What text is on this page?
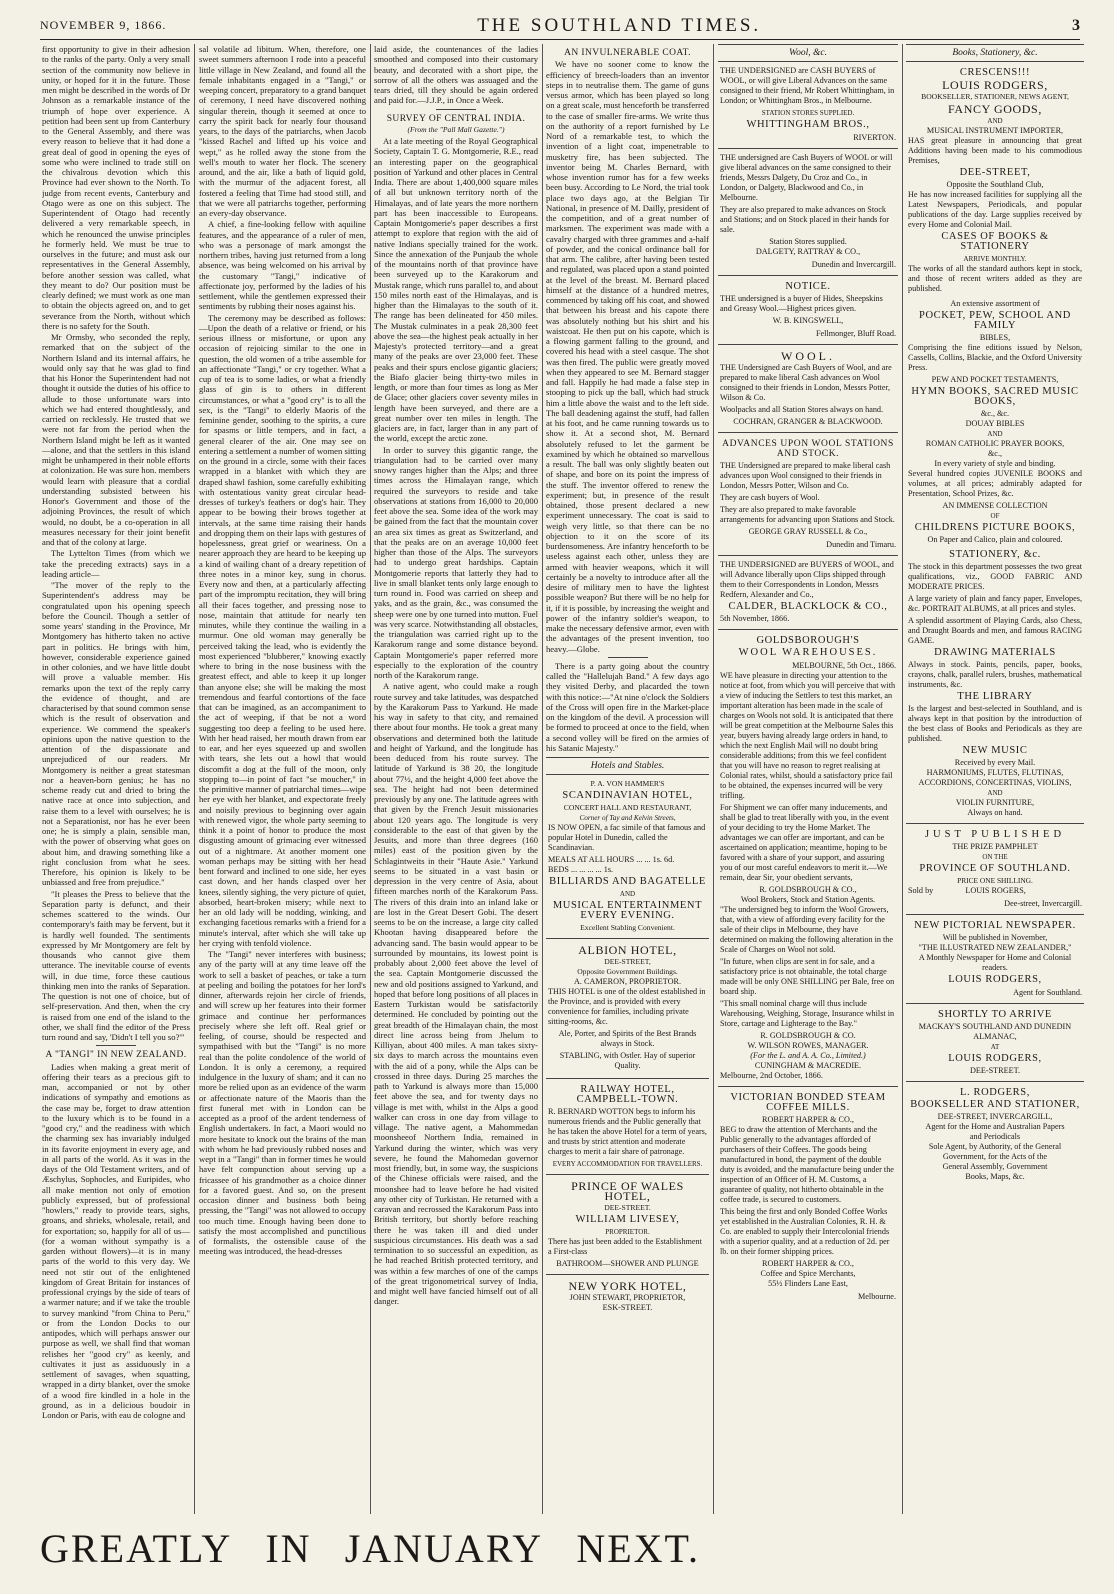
NOVEMBER 9, 1866.	THE SOUTHLAND TIMES.	3

first opportunity to give in their adhesion to the ranks of the party. Only a very small section of the community now believe in unity, or hoped for it in the future. Those men might be described in the words of Dr Johnson as a remarkable instance of the triumph of hope over experience. A petition had been sent up from Canterbury to the General Assembly, and there was every reason to believe that it had done a great deal of good in opening the eyes of some who were inclined to trade still on the chivalrous devotion which this Province had ever shown to the North. To judge from recent events, Canterbury and Otago were as one on this subject. The Superintendent of Otago had recently delivered a very remarkable speech, in which he renounced the unwise principles he formerly held. We must be true to ourselves in the future; and must ask our representatives in the General Assembly, before another session was called, what they meant to do? Our position must be clearly defined; we must work as one man to obtain the objects agreed on, and to get severance from the North, without which there is no safety for the South.

Mr Ormsby, who seconded the reply, remarked that on the subject of the Northern Island and its internal affairs, he would only say that he was glad to find that his Honor the Superintendent had not thought it outside the duties of his office to allude to those unfortunate wars into which we had entered thoughtlessly, and carried on recklessly. He trusted that we were not far from the period when the Northern Island might be left as it wanted—alone, and that the settlers in this island might be unhampered in their noble efforts at colonization. He was sure hon. members would learn with pleasure that a cordial understanding subsisted between his Honor's Government and those of the adjoining Provinces, the result of which would, no doubt, be a co-operation in all measures necessary for their joint benefit and that of the colony at large.

The Lyttelton Times (from which we take the preceding extracts) says in a leading article—

"The mover of the reply to the Superintendent's address may be congratulated upon his opening speech before the Council. Though a settler of some years' standing in the Province, Mr Montgomery has hitherto taken no active part in politics. He brings with him, however, considerable experience gained in other colonies, and we have little doubt will prove a valuable member. His remarks upon the text of the reply carry the evidence of thought, and are characterised by that sound common sense which is the result of observation and experience. We commend the speaker's opinions upon the native question to the attention of the dispassionate and unprejudiced of our readers. Mr Montgomery is neither a great statesman nor a heaven-born genius; he has no scheme ready cut and dried to bring the native race at once into subjection, and raise them to a level with ourselves; he is not a Separationist, nor has he ever been one; he is simply a plain, sensible man, with the power of observing what goes on about him, and drawing something like a right conclusion from what he sees. Therefore, his opinion is likely to be unbiassed and free from prejudice."

"It pleases the Press to believe that the Separation party is defunct, and their schemes scattered to the winds. Our contemporary's faith may be fervent, but it is hardly well founded. The sentiments expressed by Mr Montgomery are felt by thousands who cannot give them utterance. The inevitable course of events will, in due time, force these cautious thinking men into the ranks of Separation. The question is not one of choice, but of self-preservation. And then, when the cry is raised from one end of the island to the other, we shall find the editor of the Press turn round and say, 'Didn't I tell you so?'"

A "TANGI" IN NEW ZEALAND.

Ladies when making a great merit of offering their tears as a precious gift to man, accompanied or not by other indications of sympathy and emotions as the case may be, forget to draw attention to the luxury which is to be found in a "good cry," and the readiness with which the charming sex has invariably indulged in its favorite enjoyment in every age, and in all parts of the world. As it was in the days of the Old Testament writers, and of Æschylus, Sophocles, and Euripides, who all make mention not only of emotion publicly expressed, but of professional "howlers," ready to provide tears, sighs, groans, and shrieks, wholesale, retail, and for exportation; so, happily for all of us—(for a woman without sympathy is a garden without flowers)—it is in many parts of the world to this very day. We need not stir out of the enlightened kingdom of Great Britain for instances of professional cryings by the side of tears of a warmer nature; and if we take the trouble to survey mankind "from China to Peru," or from the London Docks to our antipodes, which will perhaps answer our purpose as well, we shall find that woman relishes her "good cry" as keenly, and cultivates it just as assiduously in a settlement of savages, when squatting, wrapped in a dirty blanket, over the smoke of a wood fire kindled in a hole in the ground, as in a delicious boudoir in London or Paris, with eau de cologne and

sal volatile ad libitum. When, therefore, one sweet summers afternoon I rode into a peaceful little village in New Zealand, and found all the female inhabitants engaged in a "Tangi," or weeping concert, preparatory to a grand banquet of ceremony, I need have discovered nothing singular therein, though it seemed at once to carry the spirit back for nearly four thousand years, to the days of the patriarchs, when Jacob "kissed Rachel and lifted up his voice and wept," as he rolled away the stone from the well's mouth to water her flock. The scenery around, and the air, like a bath of liquid gold, with the murmur of the adjacent forest, all fostered a feeling that Time had stood still, and that we were all patriarchs together, performing an every-day observance.

A chief, a fine-looking fellow with aquiline features, and the appearance of a ruler of men, who was a personage of mark amongst the northern tribes, having just returned from a long absence, was being welcomed on his arrival by the customary "Tangi," indicative of affectionate joy, performed by the ladies of his settlement, while the gentlemen expressed their sentiments by rubbing their noses against his.

The ceremony may be described as follows:—Upon the death of a relative or friend, or his serious illness or misfortune, or upon any occasion of rejoicing similar to the one in question, the old women of a tribe assemble for an affectionate "Tangi," or cry together. What a cup of tea is to some ladies, or what a friendly glass of gin is to others in different circumstances, or what a "good cry" is to all the sex, is the "Tangi" to elderly Maoris of the feminine gender, soothing to the spirits, a cure for spasms or little tempers, and in fact, a general clearer of the air. One may see on entering a settlement a number of women sitting on the ground in a circle, some with their faces wrapped in a blanket with which they are draped shawl fashion, some carefully exhibiting with ostentatious vanity great circular head-dresses of turkey's feathers or dog's hair. They appear to be bowing their brows together at intervals, at the same time raising their hands and dropping them on their laps with gestures of hopelessness, great grief or weariness. On a nearer approach they are heard to be keeping up a kind of wailing chant of a dreary repetition of three notes in a minor key, sung in chorus. Every now and then, at a particularly affecting part of the impromptu recitation, they will bring all their faces together, and pressing nose to nose, maintain that attitude for nearly ten minutes, while they continue the wailing in a murmur. One old woman may generally be perceived taking the lead, who is evidently the most experienced "blubberer," knowing exactly where to bring in the nose business with the greatest effect, and able to keep it up longer than anyone else; she will be making the most tremendous and fearful contortions of the face that can be imagined, as an accompaniment to the act of weeping, if that be not a word suggesting too deep a feeling to be used here. With her head raised, her mouth drawn from ear to ear, and her eyes squeezed up and swollen with tears, she lets out a howl that would discomfit a dog at the full of the moon, only stopping to—in point of fact "se moucher," in the primitive manner of patriarchal times—wipe her eye with her blanket, and expectorate freely and noisily previous to beginning over again with renewed vigor, the whole party seeming to think it a point of honor to produce the most disgusting amount of grimacing ever witnessed out of a nightmare. At another moment one woman perhaps may be sitting with her head bent forward and inclined to one side, her eyes cast down, and her hands clasped over her knees, silently sighing, the very picture of quiet, absorbed, heart-broken misery; while next to her an old lady will be nodding, winking, and exchanging facetious remarks with a friend for a minute's interval, after which she will take up her crying with tenfold violence.

The "Tangi" never interferes with business; any of the party will at any time leave off the work to sell a basket of peaches, or take a turn at peeling and boiling the potatoes for her lord's dinner, afterwards rejoin her circle of friends, and will screw up her features into their former grimace and continue her performances precisely where she left off. Real grief or feeling, of course, should be respected and sympathised with but the "Tangi" is no more real than the polite condolence of the world of London. It is only a ceremony, a required indulgence in the luxury of sham; and it can no more be relied upon as an evidence of the warm or affectionate nature of the Maoris than the first funeral met with in London can be accepted as a proof of the ardent tenderness of English undertakers. In fact, a Maori would no more hesitate to knock out the brains of the man with whom he had previously rubbed noses and wept in a "Tangi" than in former times he would have felt compunction about serving up a fricassee of his grandmother as a choice dinner for a favored guest. And so, on the present occasion dinner and business both being pressing, the "Tangi" was not allowed to occupy too much time. Enough having been done to satisfy the most accomplished and punctilious of formalists, the ostensible cause of the meeting was introduced, the head-dresses

laid aside, the countenances of the ladies smoothed and composed into their customary beauty, and decorated with a short pipe, the sorrow of all the others was assuaged and the tears dried, till they should be again ordered and paid for.—J.J.P., in Once a Week.

SURVEY OF CENTRAL INDIA.

(From the "Pall Mall Gazette.")

At a late meeting of the Royal Geographical Society, Captain T. G. Montgomerie, R.E., read an interesting paper on the geographical position of Yarkund and other places in Central India. There are about 1,400,000 square miles of all but unknown territory north of the Himalayas, and of late years the more northern part has been inaccessible to Europeans. Captain Montgomerie's paper describes a first attempt to explore that region with the aid of native Indians specially trained for the work. Since the annexation of the Punjaub the whole of the mountains north of that province have been surveyed up to the Karakorum and Mustak range, which runs parallel to, and about 150 miles north east of the Himalayas, and is higher than the Himalayas to the south of it. The range has been delineated for 450 miles. The Mustak culminates in a peak 28,300 feet above the sea—the highest peak actually in her Majesty's protected territory—and a great many of the peaks are over 23,000 feet. These peaks and their spurs enclose gigantic glaciers; the Biafo glacier being thirty-two miles in length, or more than four times as long as Mer de Glace; other glaciers cover seventy miles in length have been surveyed, and there are a great number over ten miles in length. The glaciers are, in fact, larger than in any part of the world, except the arctic zone.

In order to survey this gigantic range, the triangulation had to be carried over many snowy ranges higher than the Alps; and three times across the Himalayan range, which required the surveyors to reside and take observations at stations from 16,000 to 20,000 feet above the sea. Some idea of the work may be gained from the fact that the mountain cover an area six times as great as Switzerland, and that the peaks are on an average 10,000 feet higher than those of the Alps. The surveyors had to undergo great hardships. Captain Montgomerie reports that latterly they had to live in small blanket tents only large enough to turn round in. Food was carried on sheep and yaks, and as the grain, &c., was consumed the sheep were one by one turned into mutton. Fuel was very scarce. Notwithstanding all obstacles, the triangulation was carried right up to the Karakorum range and some distance beyond. Captain Montgomerie's paper referred more especially to the exploration of the country north of the Karakorum range.

A native agent, who could make a rough route survey and take latitudes, was despatched by the Karakorum Pass to Yarkund. He made his way in safety to that city, and remained there about four months. He took a great many observations and determined both the latitude and height of Yarkund, and the longitude has been deduced from his route survey. The latitude of Yarkund is 38 20, the longitude about 77½, and the height 4,000 feet above the sea. The height had not been determined previously by any one. The latitude agrees with that given by the French Jesuit missionaries about 120 years ago. The longitude is very considerable to the east of that given by the Jesuits, and more than three degrees (160 miles) east of the position given by the Schlagintweits in their "Haute Asie." Yarkund seems to be situated in a vast basin or depression in the very centre of Asia, about fifteen marches north of the Karakorum Pass. The rivers of this drain into an inland lake or are lost in the Great Desert Gobi. The desert seems to be on the increase, a large city called Khootan having disappeared before the advancing sand. The basin would appear to be surrounded by mountains, its lowest point is probably about 2,000 feet above the level of the sea. Captain Montgomerie discussed the new and old positions assigned to Yarkund, and hoped that before long positions of all places in Eastern Turkistan would be satisfactorily determined. He concluded by pointing out the great breadth of the Himalayan chain, the most direct line across being from Jhelum to Killiyan, about 400 miles. A man takes sixty-six days to march across the mountains even with the aid of a pony, while the Alps can be crossed in three days. During 25 marches the path to Yarkund is always more than 15,000 feet above the sea, and for twenty days no village is met with, whilst in the Alps a good walker can cross in one day from village to village. The native agent, a Mahommedan moonsheeof Northern India, remained in Yarkund during the winter, which was very severe, he found the Mahomedan governor most friendly, but, in some way, the suspicions of the Chinese officials were raised, and the moonshee had to leave before he had visited any other city of Turkistan. He returned with a caravan and recrossed the Karakorum Pass into British territory, but shortly before reaching there he was taken ill and died under suspicious circumstances. His death was a sad termination to so successful an expedition, as he had reached British protected territory, and was within a few marches of one of the camps of the great trigonometrical survey of India, and might well have fancied himself out of all danger.

AN INVULNERABLE COAT.

We have no sooner come to know the efficiency of breech-loaders than an inventor steps in to neutralise them. The game of guns versus armor, which has been played so long on a great scale, must henceforth be transferred to the case of smaller fire-arms. We write thus on the authority of a report furnished by Le Nord of a remarkable test, to which the invention of a light coat, impenetrable to musketry fire, has been subjected. The inventor being M. Charles Bernard, with whose invention rumor has for a few weeks been busy. According to Le Nord, the trial took place two days ago, at the Belgian Tir National, in presence of M. Dailly, president of the competition, and of a great number of marksmen. The experiment was made with a cavalry charged with three grammes and a-half of powder, and the conical ordinance ball for that arm. The calibre, after having been tested and regulated, was placed upon a stand pointed at the level of the breast. M. Bernard placed himself at the distance of a hundred metres, commenced by taking off his coat, and showed that between his breast and his capote there was absolutely nothing but his shirt and his waistcoat. He then put on his capote, which is a flowing garment falling to the ground, and covered his head with a steel casque. The shot was then fired. The public were greatly moved when they appeared to see M. Bernard stagger and fall. Happily he had made a false step in stooping to pick up the ball, which had struck him a little above the waist and to the left side. The ball deadening against the stuff, had fallen at his foot, and he came running towards us to show it. At a second shot, M. Bernard absolutely refused to let the garment be examined by which he obtained so marvellous a result. The ball was only slightly beaten out of shape, and bore on its point the impress of the stuff. The inventor offered to renew the experiment; but, in presence of the result obtained, those present declared a new experiment unnecessary. The coat is said to weigh very little, so that there can be no objection to it on the score of its burdensomeness. Are infantry henceforth to be useless against each other, unless they are armed with heavier weapons, which it will certainly be a novelty to introduce after all the desire of military men to have the lightest possible weapon? But there will be no help for it, if it is possible, by increasing the weight and power of the infantry soldier's weapon, to make the necessary defensive armor, even with the advantages of the present invention, too heavy.—Globe.

There is a party going about the country called the "Hallelujah Band." A few days ago they visited Derby, and placarded the town with this notice:—"At nine o'clock the Soldiers of the Cross will open fire in the Market-place on the kingdom of the devil. A procession will be formed to proceed at once to the field, when a second volley will be fired on the armies of his Satanic Majesty."

Hotels and Stables.
P. A. VON HAMMER'S
SCANDINAVIAN HOTEL,
CONCERT HALL AND RESTAURANT,
Corner of Tay and Kelvin Streets,

IS NOW OPEN, a fac simile of that famous and popular Hotel in Dunedin, called the Scandinavian.

MEALS AT ALL HOURS ... ... 1s. 6d.
BEDS ... ... ... ... 1s.
BILLIARDS AND BAGATELLE
AND
MUSICAL ENTERTAINMENT EVERY EVENING.
Excellent Stabling Convenient.
ALBION HOTEL,
DEE-STREET,
Opposite Government Buildings.
A. CAMERON, PROPRIETOR.

THIS HOTEL is one of the oldest established in the Province, and is provided with every convenience for families, including private sitting-rooms, &c.

Ale, Porter, and Spirits of the Best Brands always in Stock.

STABLING, with Ostler. Hay of superior Quality.

RAILWAY HOTEL, CAMPBELL-TOWN.

R. BERNARD WOTTON begs to inform his numerous friends and the Public generally that he has taken the above Hotel for a term of years, and trusts by strict attention and moderate charges to merit a fair share of patronage.

EVERY ACCOMMODATION FOR TRAVELLERS.
PRINCE OF WALES HOTEL,
DEE-STREET.
WILLIAM LIVESEY,
PROPRIETOR.

There has just been added to the Establishment a First-class

BATHROOM—SHOWER AND PLUNGE
NEW YORK HOTEL,
JOHN STEWART, PROPRIETOR,
ESK-STREET.
Wool, &c.

THE UNDERSIGNED are CASH BUYERS of WOOL, or will give Liberal Advances on the same consigned to their friend, Mr Robert Whittingham, in London; or Whittingham Bros., in Melbourne.

STATION STORES SUPPLIED.
WHITTINGHAM BROS.,
RIVERTON.

THE undersigned are Cash Buyers of WOOL or will give liberal advances on the same consigned to their friends, Messrs Dalgety, Du Croz and Co., in London, or Dalgety, Blackwood and Co., in Melbourne.

They are also prepared to make advances on Stock and Stations; and on Stock placed in their hands for sale.

Station Stores supplied.
DALGETY, RATTRAY & CO.,
Dunedin and Invercargill.
NOTICE.

THE undersigned is a buyer of Hides, Sheepskins and Greasy Wool.—Highest prices given.

W. B. KINGSWELL,
Fellmonger, Bluff Road.
WOOL.

THE Undersigned are Cash Buyers of Wool, and are prepared to make liberal Cash advances on Wool consigned to their friends in London, Messrs Potter, Wilson & Co.

Woolpacks and all Station Stores always on hand.

COCHRAN, GRANGER & BLACKWOOD.
ADVANCES UPON WOOL STATIONS AND STOCK.

THE Undersigned are prepared to make liberal cash advances upon Wool consigned to their friends in London, Messrs Potter, Wilson and Co.

They are cash buyers of Wool.

They are also prepared to make favorable arrangements for advancing upon Stations and Stock.

GEORGE GRAY RUSSELL & Co.,
Dunedin and Timaru.

THE UNDERSIGNED are BUYERS of WOOL, and will Advance liberally upon Clips shipped through them to their Correspondents in London, Messrs Redfern, Alexander and Co.,

CALDER, BLACKLOCK & CO.,
5th November, 1866.
GOLDSBOROUGH'S
WOOL WAREHOUSES.
MELBOURNE, 5th Oct., 1866.

WE have pleasure in directing your attention to the notice at foot, from which you will perceive that with a view of inducing the Settlers to test this market, an important alteration has been made in the scale of charges on Wools not sold. It is anticipated that there will be great competition at the Melbourne Sales this year, buyers having already large orders in hand, to which the next English Mail will no doubt bring considerable additions; from this we feel confident that you will have no reason to regret realising at Colonial rates, whilst, should a satisfactory price fail to be obtained, the expenses incurred will be very trifling.

For Shipment we can offer many inducements, and shall be glad to treat liberally with you, in the event of your deciding to try the Home Market. The advantages we can offer are important, and can be ascertained on application; meantime, hoping to be favored with a share of your support, and assuring you of our most careful endeavors to merit it.—We remain, dear Sir, your obedient servants,

R. GOLDSBROUGH & CO.,
Wool Brokers, Stock and Station Agents.

"The undersigned beg to inform the Wool Growers, that, with a view of affording every facility for the sale of their clips in Melbourne, they have determined on making the following alteration in the Scale of Charges on Wool not sold.

"In future, when clips are sent in for sale, and a satisfactory price is not obtainable, the total charge made will be only ONE SHILLING per Bale, free on board ship.

"This small nominal charge will thus include Warehousing, Weighing, Storage, Insurance whilst in Store, cartage and Lighterage to the Bay."

R. GOLDSBROUGH & CO.
W. WILSON ROWES, MANAGER.
(For the L. and A. A. Co., Limited.)
CUNINGHAM & MACREDIE.
Melbourne, 2nd October, 1866.
VICTORIAN BONDED STEAM COFFEE MILLS.
ROBERT HARPER & CO.,

BEG to draw the attention of Merchants and the Public generally to the advantages afforded of purchasers of their Coffees. The goods being manufactured in bond, the payment of the double duty is avoided, and the manufacture being under the inspection of an Officer of H. M. Customs, a guarantee of quality, not hitherto obtainable in the coffee trade, is secured to customers.

This being the first and only Bonded Coffee Works yet established in the Australian Colonies, R. H. & Co. are enabled to supply their Intercolonial friends with a superior quality, and at a reduction of 2d. per lb. on their former shipping prices.

ROBERT HARPER & CO.,
Coffee and Spice Merchants,
55½ Flinders Lane East,
Melbourne.
Books, Stationery, &c.
CRESCENS!!!
LOUIS RODGERS,
BOOKSELLER, STATIONER, NEWS AGENT,
FANCY GOODS,
AND
MUSICAL INSTRUMENT IMPORTER,

HAS great pleasure in announcing that great Additions having been made to his commodious Premises,

DEE-STREET,
Opposite the Southland Club,

He has now increased facilities for supplying all the Latest Newspapers, Periodicals, and popular publications of the day. Large supplies received by every Home and Colonial Mail.

CASES OF BOOKS & STATIONERY
ARRIVE MONTHLY.

The works of all the standard authors kept in stock, and those of recent writers added as they are published.

An extensive assortment of
POCKET, PEW, SCHOOL AND FAMILY
BIBLES,

Comprising the fine editions issued by Nelson, Cassells, Collins, Blackie, and the Oxford University Press.

PEW AND POCKET TESTAMENTS,
HYMN BOOKS, SACRED MUSIC BOOKS,
&c., &c.
DOUAY BIBLES
AND
ROMAN CATHOLIC PRAYER BOOKS,
&c.,
In every variety of style and binding.

Several hundred copies JUVENILE BOOKS and volumes, at all prices; admirably adapted for Presentation, School Prizes, &c.

AN IMMENSE COLLECTION
OF
CHILDRENS PICTURE BOOKS,
On Paper and Calico, plain and coloured.
STATIONERY, &c.

The stock in this department possesses the two great qualifications, viz., GOOD FABRIC AND MODERATE PRICES.

A large variety of plain and fancy paper, Envelopes, &c. PORTRAIT ALBUMS, at all prices and styles.

A splendid assortment of Playing Cards, also Chess, and Draught Boards and men, and famous RACING GAME.

DRAWING MATERIALS

Always in stock. Paints, pencils, paper, books, crayons, chalk, parallel rulers, brushes, mathematical instruments, &c.

THE LIBRARY

Is the largest and best-selected in Southland, and is always kept in that position by the introduction of the best class of Books and Periodicals as they are published.

NEW MUSIC
Received by every Mail.
HARMONIUMS, FLUTES, FLUTINAS,
ACCORDIONS, CONCERTINAS, VIOLINS,
AND
VIOLIN FURNITURE,
Always on hand.
JUST PUBLISHED
THE PRIZE PAMPHLET
ON THE
PROVINCE OF SOUTHLAND.
PRICE ONE SHILLING.
Sold by	LOUIS ROGERS,
Dee-street, Invercargill.
NEW PICTORIAL NEWSPAPER.
Will be published in November,
"THE ILLUSTRATED NEW ZEALANDER,"
A Monthly Newspaper for Home and Colonial readers.
LOUIS RODGERS,
Agent for Southland.
SHORTLY TO ARRIVE
MACKAY'S SOUTHLAND AND DUNEDIN
ALMANAC,
AT
LOUIS RODGERS,
DEE-STREET.
L. RODGERS,
BOOKSELLER AND STATIONER,
DEE-STREET, INVERCARGILL,
Agent for the Home and Australian Papers
and Periodicals
Sole Agent, by Authority, of the General
Government, for the Acts of the
General Assembly, Government
Books, Maps, &c.
GREATLY IN JANUARY NEXT.
